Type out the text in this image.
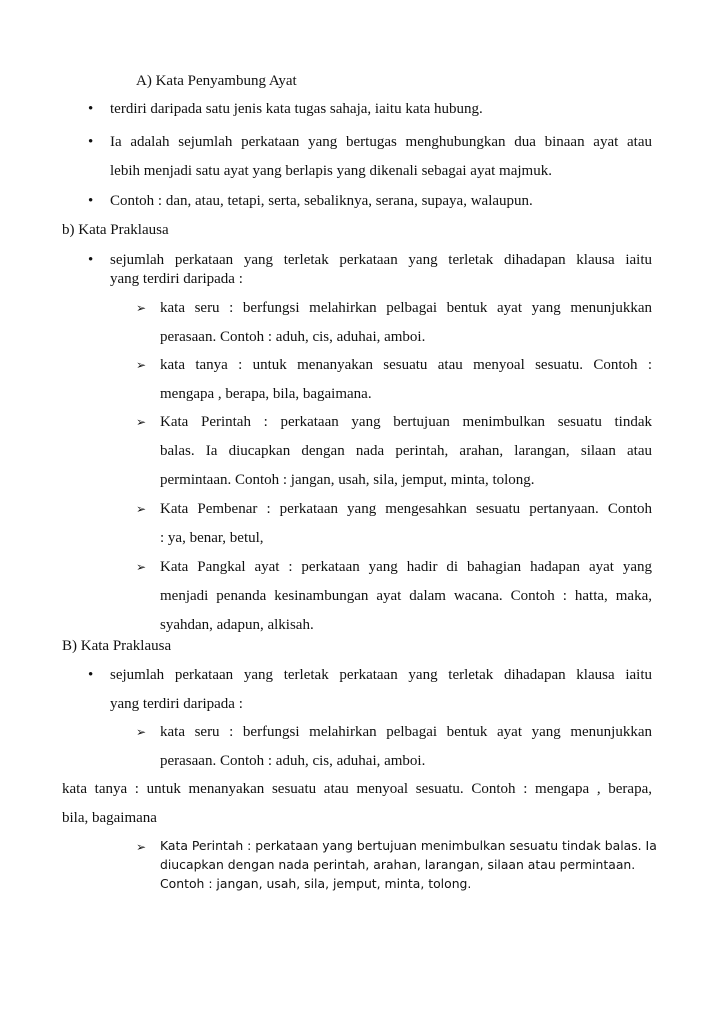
A) Kata Penyambung Ayat
• terdiri daripada satu jenis kata tugas sahaja, iaitu kata hubung.
• Ia adalah sejumlah perkataan yang bertugas menghubungkan dua binaan ayat atau
lebih menjadi satu ayat yang berlapis yang dikenali sebagai ayat majmuk.
• Contoh : dan, atau, tetapi, serta, sebaliknya, serana, supaya, walaupun.
b) Kata Praklausa
• sejumlah perkataan yang terletak perkataan yang terletak dihadapan klausa iaitu
yang terdiri daripada :
➢ kata seru : berfungsi melahirkan pelbagai bentuk ayat yang menunjukkan
perasaan. Contoh : aduh, cis, aduhai, amboi.
➢ kata tanya : untuk menanyakan sesuatu atau menyoal sesuatu. Contoh :
mengapa , berapa, bila, bagaimana.
➢ Kata Perintah : perkataan yang bertujuan menimbulkan sesuatu tindak
balas. Ia diucapkan dengan nada perintah, arahan, larangan, silaan atau
permintaan. Contoh : jangan, usah, sila, jemput, minta, tolong.
➢ Kata Pembenar : perkataan yang mengesahkan sesuatu pertanyaan. Contoh
: ya, benar, betul,
➢ Kata Pangkal ayat : perkataan yang hadir di bahagian hadapan ayat yang
menjadi penanda kesinambungan ayat dalam wacana. Contoh : hatta, maka,
syahdan, adapun, alkisah.
B) Kata Praklausa
• sejumlah perkataan yang terletak perkataan yang terletak dihadapan klausa iaitu
yang terdiri daripada :
➢ kata seru : berfungsi melahirkan pelbagai bentuk ayat yang menunjukkan
perasaan. Contoh : aduh, cis, aduhai, amboi.
kata tanya : untuk menanyakan sesuatu atau menyoal sesuatu. Contoh : mengapa , berapa,
bila, bagaimana
➢ Kata Perintah : perkataan yang bertujuan menimbulkan sesuatu tindak balas. Ia
diucapkan dengan nada perintah, arahan, larangan, silaan atau permintaan.
Contoh : jangan, usah, sila, jemput, minta, tolong.
